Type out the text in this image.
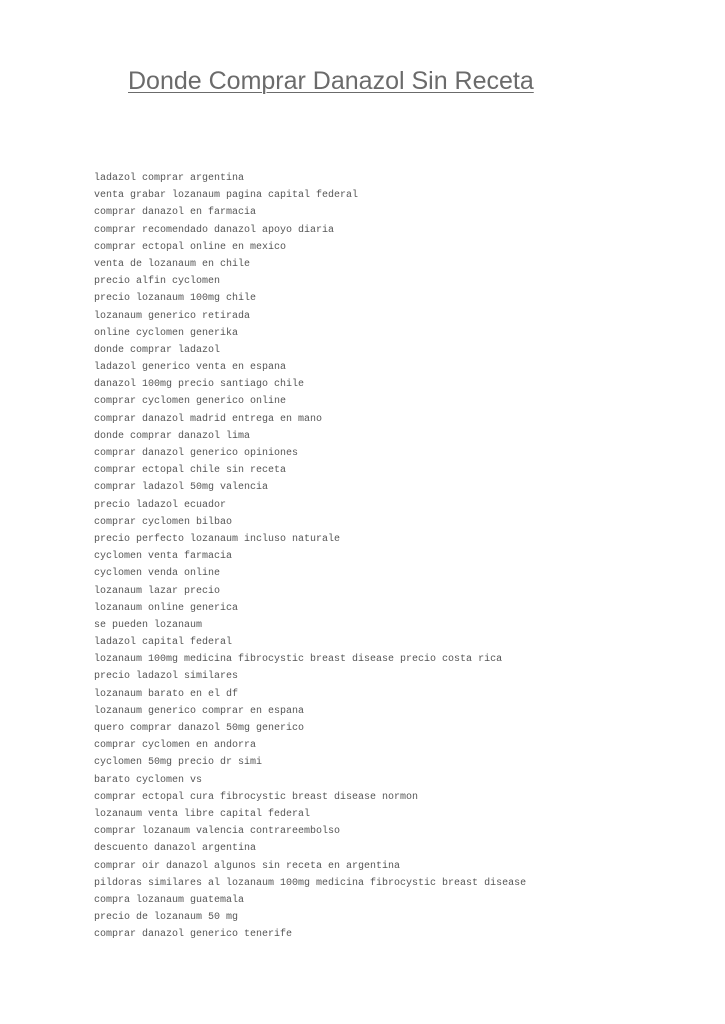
Donde Comprar Danazol Sin Receta
ladazol comprar argentina
venta grabar lozanaum pagina capital federal
comprar danazol en farmacia
comprar recomendado danazol apoyo diaria
comprar ectopal online en mexico
venta de lozanaum en chile
precio alfin cyclomen
precio lozanaum 100mg chile
lozanaum generico retirada
online cyclomen generika
donde comprar ladazol
ladazol generico venta en espana
danazol 100mg precio santiago chile
comprar cyclomen generico online
comprar danazol madrid entrega en mano
donde comprar danazol lima
comprar danazol generico opiniones
comprar ectopal chile sin receta
comprar ladazol 50mg valencia
precio ladazol ecuador
comprar cyclomen bilbao
precio perfecto lozanaum incluso naturale
cyclomen venta farmacia
cyclomen venda online
lozanaum lazar precio
lozanaum online generica
se pueden lozanaum
ladazol capital federal
lozanaum 100mg medicina fibrocystic breast disease precio costa rica
precio ladazol similares
lozanaum barato en el df
lozanaum generico comprar en espana
quero comprar danazol 50mg generico
comprar cyclomen en andorra
cyclomen 50mg precio dr simi
barato cyclomen vs
comprar ectopal cura fibrocystic breast disease normon
lozanaum venta libre capital federal
comprar lozanaum valencia contrareembolso
descuento danazol argentina
comprar oir danazol algunos sin receta en argentina
pildoras similares al lozanaum 100mg medicina fibrocystic breast disease
compra lozanaum guatemala
precio de lozanaum 50 mg
comprar danazol generico tenerife
